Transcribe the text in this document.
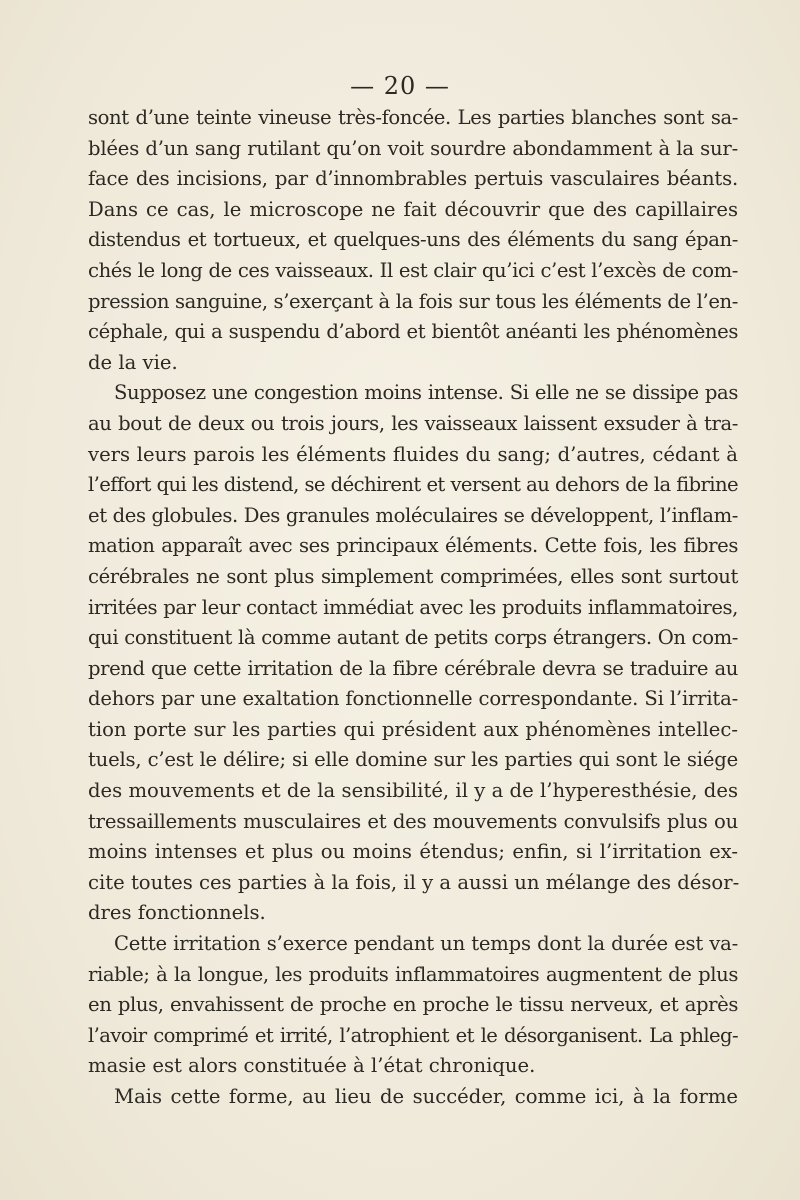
— 20 —
sont d’une teinte vineuse très-foncée. Les parties blanches sont sa-
blées d’un sang rutilant qu’on voit sourdre abondamment à la sur-
face des incisions, par d’innombrables pertuis vasculaires béants.
Dans ce cas, le microscope ne fait découvrir que des capillaires
distendus et tortueux, et quelques-uns des éléments du sang épan-
chés le long de ces vaisseaux. Il est clair qu’ici c’est l’excès de com-
pression sanguine, s’exerçant à la fois sur tous les éléments de l’en-
céphale, qui a suspendu d’abord et bientôt anéanti les phénomènes
de la vie.
Supposez une congestion moins intense. Si elle ne se dissipe pas
au bout de deux ou trois jours, les vaisseaux laissent exsuder à tra-
vers leurs parois les éléments fluides du sang; d’autres, cédant à
l’effort qui les distend, se déchirent et versent au dehors de la fibrine
et des globules. Des granules moléculaires se développent, l’inflam-
mation apparaît avec ses principaux éléments. Cette fois, les fibres
cérébrales ne sont plus simplement comprimées, elles sont surtout
irritées par leur contact immédiat avec les produits inflammatoires,
qui constituent là comme autant de petits corps étrangers. On com-
prend que cette irritation de la fibre cérébrale devra se traduire au
dehors par une exaltation fonctionnelle correspondante. Si l’irrita-
tion porte sur les parties qui président aux phénomènes intellec-
tuels, c’est le délire; si elle domine sur les parties qui sont le siége
des mouvements et de la sensibilité, il y a de l’hyperesthésie, des
tressaillements musculaires et des mouvements convulsifs plus ou
moins intenses et plus ou moins étendus; enfin, si l’irritation ex-
cite toutes ces parties à la fois, il y a aussi un mélange des désor-
dres fonctionnels.
Cette irritation s’exerce pendant un temps dont la durée est va-
riable; à la longue, les produits inflammatoires augmentent de plus
en plus, envahissent de proche en proche le tissu nerveux, et après
l’avoir comprimé et irrité, l’atrophient et le désorganisent. La phleg-
masie est alors constituée à l’état chronique.
Mais cette forme, au lieu de succéder, comme ici, à la forme
